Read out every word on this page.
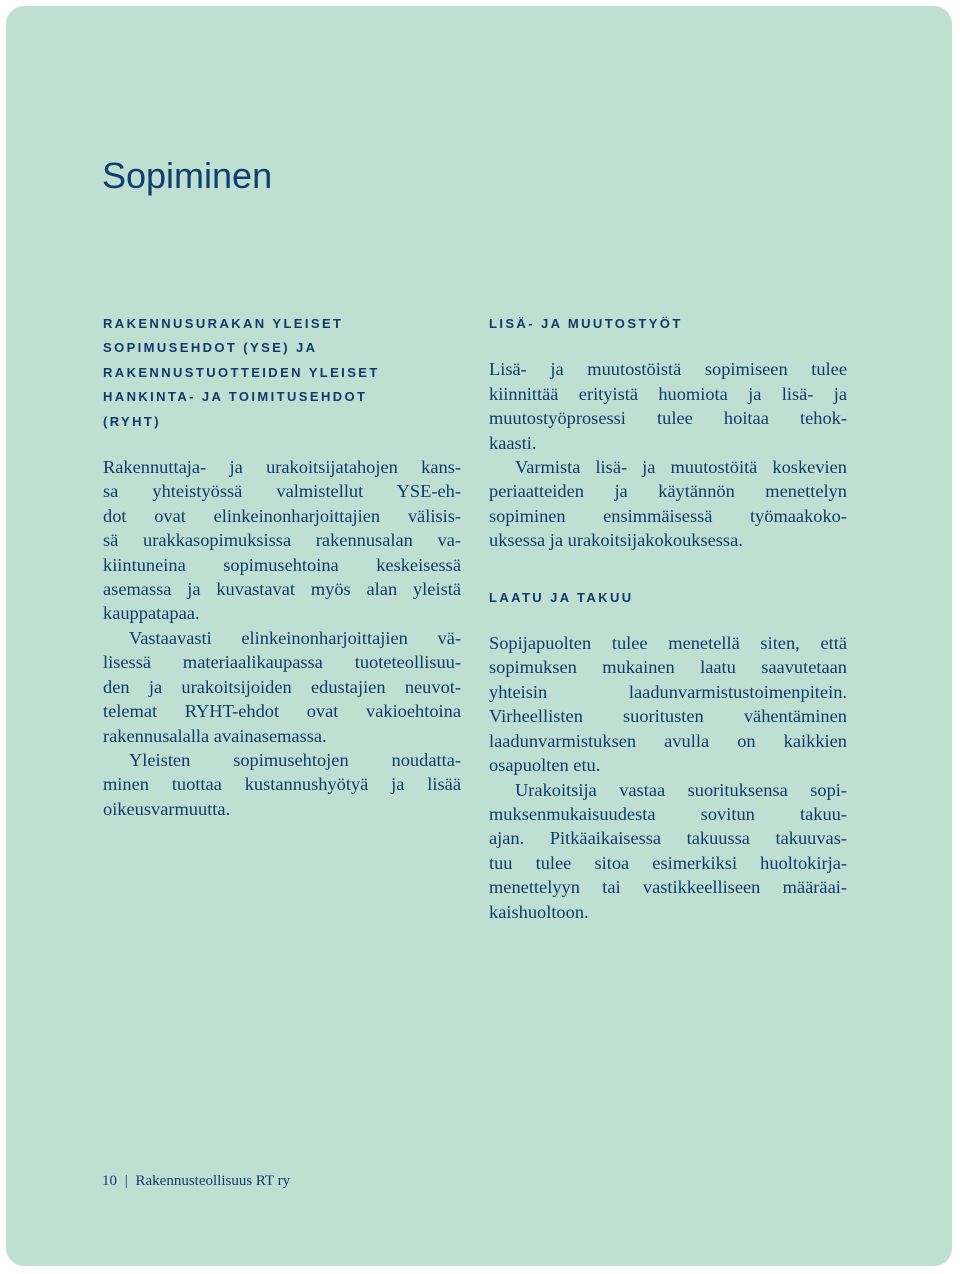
Sopiminen
RAKENNUSURAKAN YLEISET
SOPIMUSEHDOT (YSE) JA
RAKENNUSTUOTTEIDEN YLEISET
HANKINTA- JA TOIMITUSEHDOT
(RYHT)

Rakennuttaja- ja urakoitsijatahojen kans-
sa yhteistyössä valmistellut YSE-eh-
dot ovat elinkeinonharjoittajien välisis-
sä urakkasopimuksissa rakennusalan va-
kiintuneina sopimusehtoina keskeisessä
asemassa ja kuvastavat myös alan yleistä
kauppatapaa.

Vastaavasti elinkeinonharjoittajien vä-
lisessä materiaalikaupassa tuoteteollisuu-
den ja urakoitsijoiden edustajien neuvot-
telemat RYHT-ehdot ovat vakioehtoina
rakennusalalla avainasemassa.

Yleisten sopimusehtojen noudatta-
minen tuottaa kustannushyötyä ja lisää
oikeusvarmuutta.

LISÄ- JA MUUTOSTYÖT

Lisä- ja muutostöistä sopimiseen tulee
kiinnittää erityistä huomiota ja lisä- ja
muutostyöprosessi tulee hoitaa tehok-
kaasti.

Varmista lisä- ja muutostöitä koskevien
periaatteiden ja käytännön menettelyn
sopiminen ensimmäisessä työmaakoko-
uksessa ja urakoitsijakokouksessa.

LAATU JA TAKUU

Sopijapuolten tulee menetellä siten, että
sopimuksen mukainen laatu saavutetaan
yhteisin laadunvarmistustoimenpitein.
Virheellisten suoritusten vähentäminen
laadunvarmistuksen avulla on kaikkien
osapuolten etu.

Urakoitsija vastaa suorituksensa sopi-
muksenmukaisuudesta sovitun takuu-
ajan. Pitkäaikaisessa takuussa takuuvas-
tuu tulee sitoa esimerkiksi huoltokirja-
menettelyyn tai vastikkeelliseen määräai-
kaishuoltoon.

10 | Rakennusteollisuus RT ry
